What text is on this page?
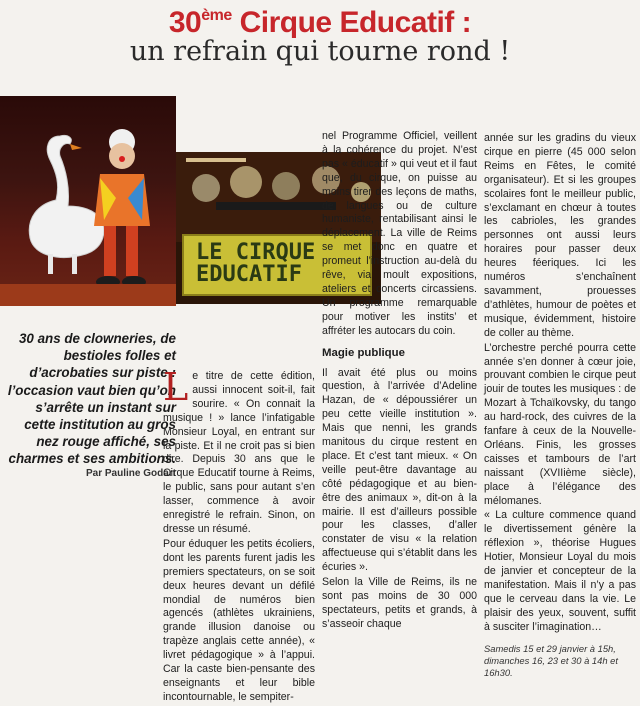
30ème Cirque Educatif :
un refrain qui tourne rond !
LE CIRQUE
EDUCATIF
30 ans de clowneries, de bestioles folles et d’acrobaties sur piste : l’occasion vaut bien qu’on s’arrête un instant sur cette institution au gros nez rouge affiché, ses charmes et ses ambitions.
Par Pauline Godart

Le titre de cette édition, aussi innocent soit-il, fait sourire. « On connait la musique ! » lance l’infatigable Monsieur Loyal, en entrant sur la piste. Et il ne croit pas si bien dire. Depuis 30 ans que le Cirque Educatif tourne à Reims, le public, sans pour autant s’en lasser, commence à avoir enregistré le refrain. Sinon, on dresse un résumé.

Pour éduquer les petits écoliers, dont les parents furent jadis les premiers spectateurs, on se soit deux heures devant un défilé mondial de numéros bien agencés (athlètes ukrainiens, grande illusion danoise ou trapèze anglais cette année), « livret pédagogique » à l’appui. Car la caste bien-pensante des enseignants et leur bible incontournable, le sempiter-

nel Programme Officiel, veillent à la cohérence du projet. N’est pas « éducatif » qui veut et il faut que, du cirque, on puisse au moins tirer des leçons de maths, de langues ou de culture humaniste, rentabilisant ainsi le déplacement. La ville de Reims se met donc en quatre et promeut l’instruction au-delà du rêve, via moult expositions, ateliers et concerts circassiens. Un programme remarquable pour motiver les instits’ et affréter les autocars du coin.

Magie publique

Il avait été plus ou moins question, à l’arrivée d’Adeline Hazan, de « dépoussiérer un peu cette vieille institution ». Mais que nenni, les grands manitous du cirque restent en place. Et c’est tant mieux. « On veille peut-être davantage au côté pédagogique et au bien-être des animaux », dit-on à la mairie. Il est d’ailleurs possible pour les classes, d’aller constater de visu « la relation affectueuse qui s’établit dans les écuries ».

Selon la Ville de Reims, ils ne sont pas moins de 30 000 spectateurs, petits et grands, à s’asseoir chaque

année sur les gradins du vieux cirque en pierre (45 000 selon Reims en Fêtes, le comité organisateur). Et si les groupes scolaires font le meilleur public, s’exclamant en chœur à toutes les cabrioles, les grandes personnes ont aussi leurs horaires pour passer deux heures féeriques. Ici les numéros s’enchaînent savamment, prouesses d’athlètes, humour de poètes et musique, évidemment, histoire de coller au thème.

L’orchestre perché pourra cette année s’en donner à cœur joie, prouvant combien le cirque peut jouir de toutes les musiques : de Mozart à Tchaïkovsky, du tango au hard-rock, des cuivres de la fanfare à ceux de la Nouvelle-Orléans. Finis, les grosses caisses et tambours de l’art naissant (XVIIième siècle), place à l’élégance des mélomanes.

« La culture commence quand le divertissement génère la réflexion », théorise Hugues Hotier, Monsieur Loyal du mois de janvier et concepteur de la manifestation. Mais il n’y a pas que le cerveau dans la vie. Le plaisir des yeux, souvent, suffit à susciter l’imagination…

Samedis 15 et 29 janvier à 15h, dimanches 16, 23 et 30 à 14h et 16h30.
